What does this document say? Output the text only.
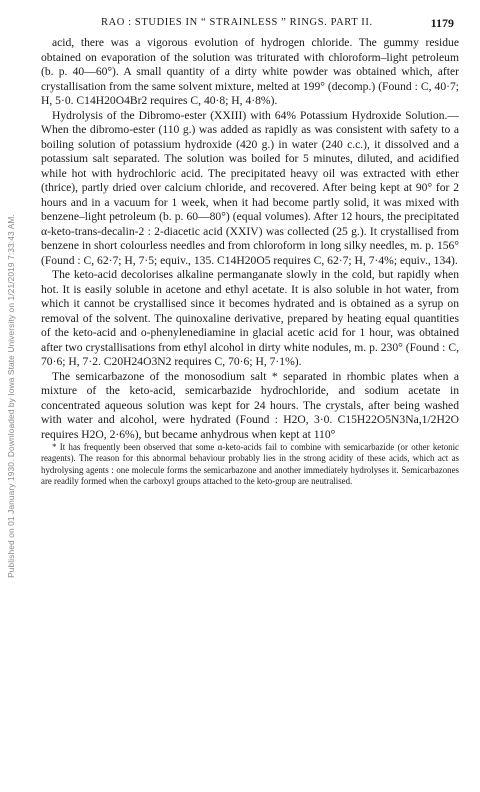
Published on 01 January 1930. Downloaded by Iowa State University on 1/21/2019 7:33:43 AM.
RAO : STUDIES IN “ STRAINLESS ” RINGS. PART II.	1179

acid, there was a vigorous evolution of hydrogen chloride. The gummy residue obtained on evaporation of the solution was triturated with chloroform–light petroleum (b. p. 40—60°). A small quantity of a dirty white powder was obtained which, after crystallisation from the same solvent mixture, melted at 199° (decomp.) (Found : C, 40·7; H, 5·0. C14H20O4Br2 requires C, 40·8; H, 4·8%).

Hydrolysis of the Dibromo-ester (XXIII) with 64% Potassium Hydroxide Solution.—When the dibromo-ester (110 g.) was added as rapidly as was consistent with safety to a boiling solution of potassium hydroxide (420 g.) in water (240 c.c.), it dissolved and a potassium salt separated. The solution was boiled for 5 minutes, diluted, and acidified while hot with hydrochloric acid. The precipitated heavy oil was extracted with ether (thrice), partly dried over calcium chloride, and recovered. After being kept at 90° for 2 hours and in a vacuum for 1 week, when it had become partly solid, it was mixed with benzene–light petroleum (b. p. 60—80°) (equal volumes). After 12 hours, the precipitated α-keto-trans-decalin-2 : 2-diacetic acid (XXIV) was collected (25 g.). It crystallised from benzene in short colourless needles and from chloroform in long silky needles, m. p. 156° (Found : C, 62·7; H, 7·5; equiv., 135. C14H20O5 requires C, 62·7; H, 7·4%; equiv., 134).

The keto-acid decolorises alkaline permanganate slowly in the cold, but rapidly when hot. It is easily soluble in acetone and ethyl acetate. It is also soluble in hot water, from which it cannot be crystallised since it becomes hydrated and is obtained as a syrup on removal of the solvent. The quinoxaline derivative, prepared by heating equal quantities of the keto-acid and o-phenylenediamine in glacial acetic acid for 1 hour, was obtained after two crystallisations from ethyl alcohol in dirty white nodules, m. p. 230° (Found : C, 70·6; H, 7·2. C20H24O3N2 requires C, 70·6; H, 7·1%).

The semicarbazone of the monosodium salt * separated in rhombic plates when a mixture of the keto-acid, semicarbazide hydrochloride, and sodium acetate in concentrated aqueous solution was kept for 24 hours. The crystals, after being washed with water and alcohol, were hydrated (Found : H2O, 3·0. C15H22O5N3Na,1/2H2O requires H2O, 2·6%), but became anhydrous when kept at 110°

* It has frequently been observed that some α-keto-acids fail to combine with semicarbazide (or other ketonic reagents). The reason for this abnormal behaviour probably lies in the strong acidity of these acids, which act as hydrolysing agents : one molecule forms the semicarbazone and another immediately hydrolyses it. Semicarbazones are readily formed when the carboxyl groups attached to the keto-group are neutralised.
